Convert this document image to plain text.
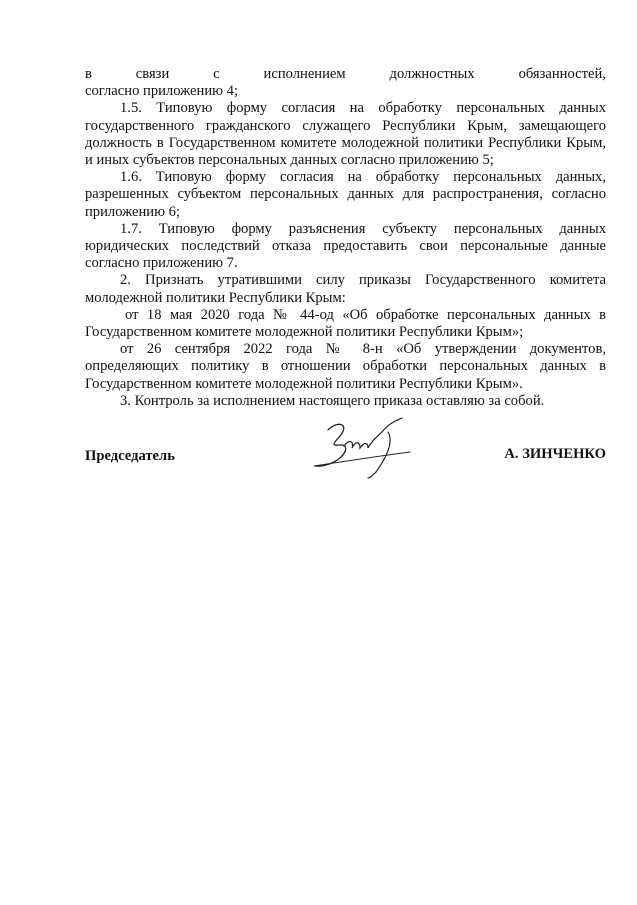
в	связи	с	исполнением	должностных	обязанностей,

согласно приложению 4;

1.5. Типовую форму согласия на обработку персональных данных государственного гражданского служащего Республики Крым, замещающего должность в Государственном комитете молодежной политики Республики Крым, и иных субъектов персональных данных согласно приложению 5;

1.6. Типовую форму согласия на обработку персональных данных, разрешенных субъектом персональных данных для распространения, согласно приложению 6;

1.7. Типовую форму разъяснения субъекту персональных данных юридических последствий отказа предоставить свои персональные данные согласно приложению 7.

2. Признать утратившими силу приказы Государственного комитета молодежной политики Республики Крым:

от 18 мая 2020 года № 44-од «Об обработке персональных данных в Государственном комитете молодежной политики Республики Крым»;

от 26 сентября 2022 года № 8-н «Об утверждении документов, определяющих политику в отношении обработки персональных данных в Государственном комитете молодежной политики Республики Крым».

3. Контроль за исполнением настоящего приказа оставляю за собой.

Председатель	А. ЗИНЧЕНКО
